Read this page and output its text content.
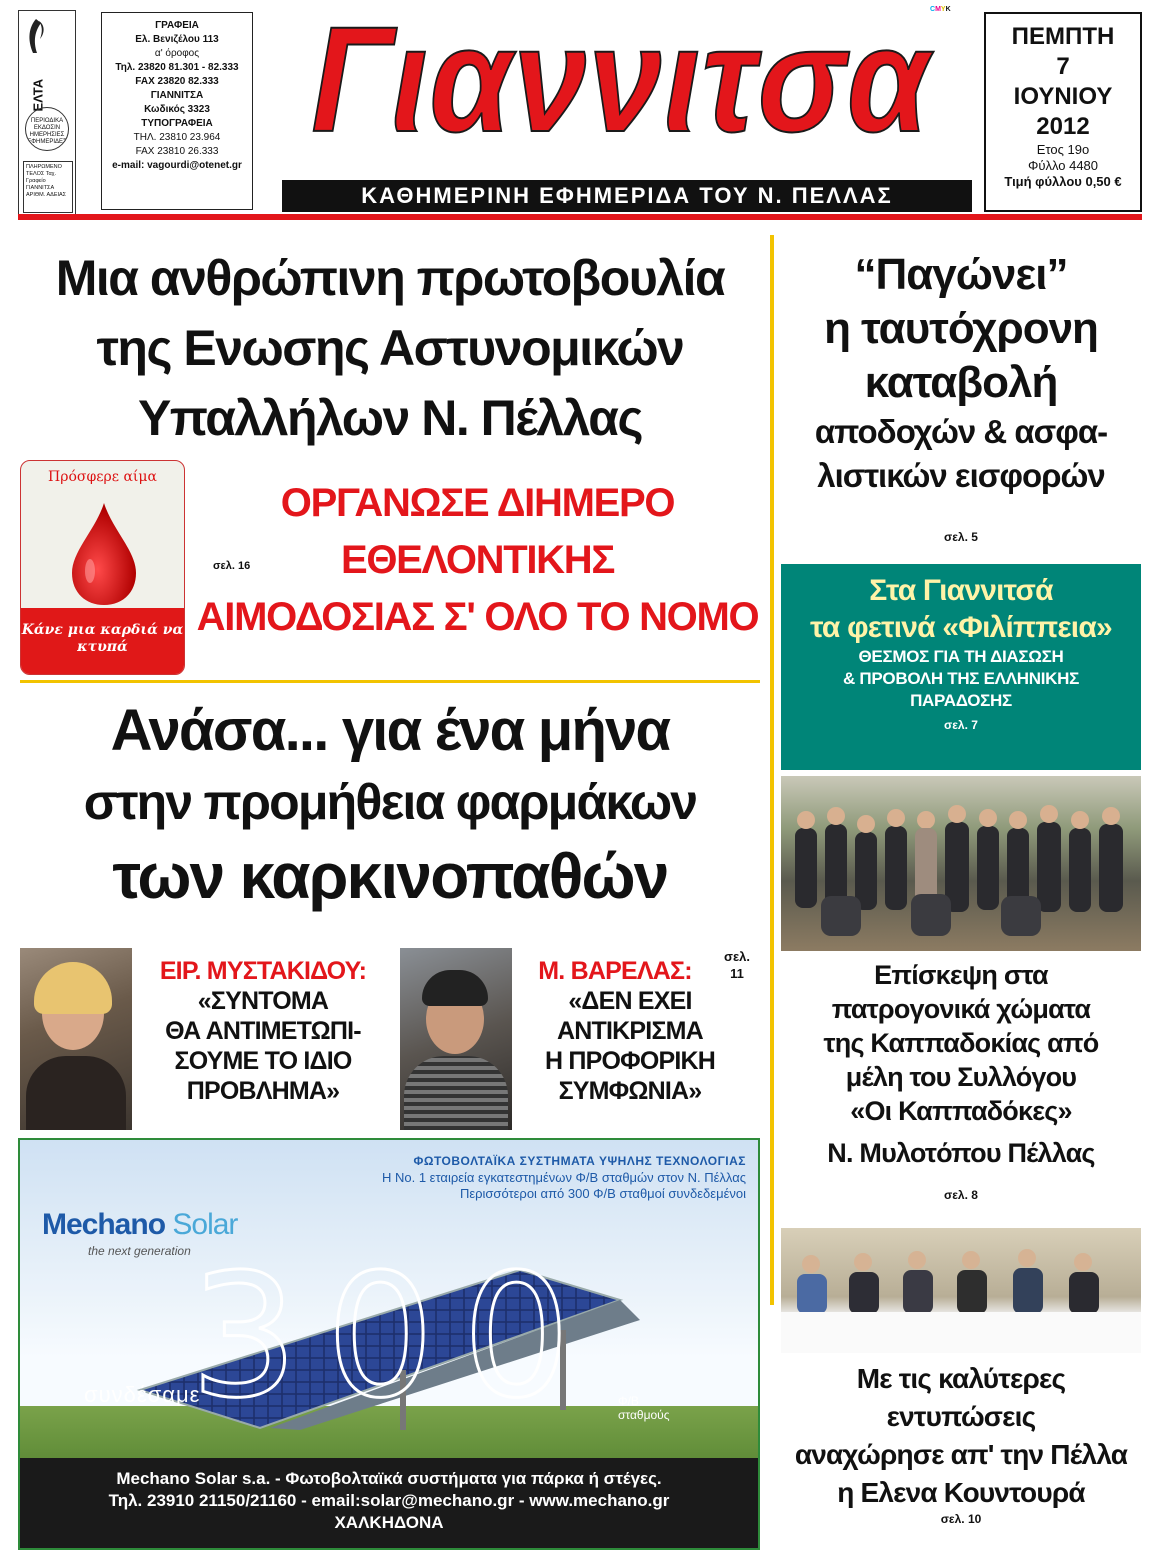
ΕΛΤΑ
ΠΕΡΙΟΔΙΚΑ ΕΚΔΟΣΙΝ ΗΜΕΡΗΣΙΕΣ ΕΦΗΜΕΡΙΔΕΣ
ΠΛΗΡΩΜΕΝΟ ΤΕΛΟΣ Ταχ. Γραφείο ΓΙΑΝΝΙΤΣΑ ΑΡΙΘΜ. ΑΔΕΙΑΣ
ΓΡΑΦΕΙΑ
Ελ. Βενιζέλου 113
α' όροφος
Τηλ. 23820 81.301 - 82.333
FAX 23820 82.333
ΓΙΑΝΝΙΤΣΑ
Κωδικός 3323
ΤΥΠΟΓΡΑΦΕΙΑ
ΤΗΛ. 23810 23.964
FAX 23810 26.333
e-mail: vagourdi@otenet.gr
Γιαννιτσα
ΚΑΘΗΜΕΡΙΝΗ ΕΦΗΜΕΡΙΔΑ ΤΟΥ Ν. ΠΕΛΛΑΣ
CMYK
ΠΕΜΠΤΗ
7
ΙΟΥΝΙΟΥ
2012
Ετος 19ο
Φύλλο 4480
Τιμή φύλλου 0,50 €
Μια ανθρώπινη πρωτοβουλία
της Ενωσης Αστυνομικών
Υπαλλήλων Ν. Πέλλας
Πρόσφερε αίμα
Κάνε μια καρδιά να κτυπά
σελ. 16
ΟΡΓΑΝΩΣΕ ΔΙΗΜΕΡΟ
ΕΘΕΛΟΝΤΙΚΗΣ
ΑΙΜΟΔΟΣΙΑΣ Σ' ΟΛΟ ΤΟ ΝΟΜΟ
Ανάσα... για ένα μήνα
στην προμήθεια φαρμάκων
των καρκινοπαθών
ΕΙΡ. ΜΥΣΤΑΚΙΔΟΥ:
«ΣΥΝΤΟΜΑ
ΘΑ ΑΝΤΙΜΕΤΩΠΙ-
ΣΟΥΜΕ ΤΟ ΙΔΙΟ
ΠΡΟΒΛΗΜΑ»
Μ. ΒΑΡΕΛΑΣ:
«ΔΕΝ ΕΧΕΙ
ΑΝΤΙΚΡΙΣΜΑ
Η ΠΡΟΦΟΡΙΚΗ
ΣΥΜΦΩΝΙΑ»
σελ.
11
ΦΩΤΟΒΟΛΤΑΪΚΑ ΣΥΣΤΗΜΑΤΑ ΥΨΗΛΗΣ ΤΕΧΝΟΛΟΓΙΑΣ
Η Νο. 1 εταιρεία εγκατεστημένων Φ/Β σταθμών στον Ν. Πέλλας
Περισσότεροι από 300 Φ/Β σταθμοί συνδεδεμένοι
Mechano Solar
the next generation 300
συνδέσαμε	Φ/Β
σταθμούς
Mechano Solar s.a. - Φωτοβολταϊκά συστήματα για πάρκα ή στέγες.
Τηλ. 23910 21150/21160 - email:solar@mechano.gr - www.mechano.gr
ΧΑΛΚΗΔΟΝΑ
“Παγώνει”
η ταυτόχρονη
καταβολή
αποδοχών & ασφα-
λιστικών εισφορών
σελ. 5
Στα Γιαννιτσά
τα φετινά «Φιλίππεια»
ΘΕΣΜΟΣ ΓΙΑ ΤΗ ΔΙΑΣΩΣΗ
& ΠΡΟΒΟΛΗ ΤΗΣ ΕΛΛΗΝΙΚΗΣ
ΠΑΡΑΔΟΣΗΣ
σελ. 7
Επίσκεψη στα
πατρογονικά χώματα
της Καππαδοκίας από
μέλη του Συλλόγου
«Οι Καππαδόκες»
Ν. Μυλοτόπου Πέλλας
σελ. 8
Με τις καλύτερες
εντυπώσεις
αναχώρησε απ' την Πέλλα
η Ελενα Κουντουρά
σελ. 10
